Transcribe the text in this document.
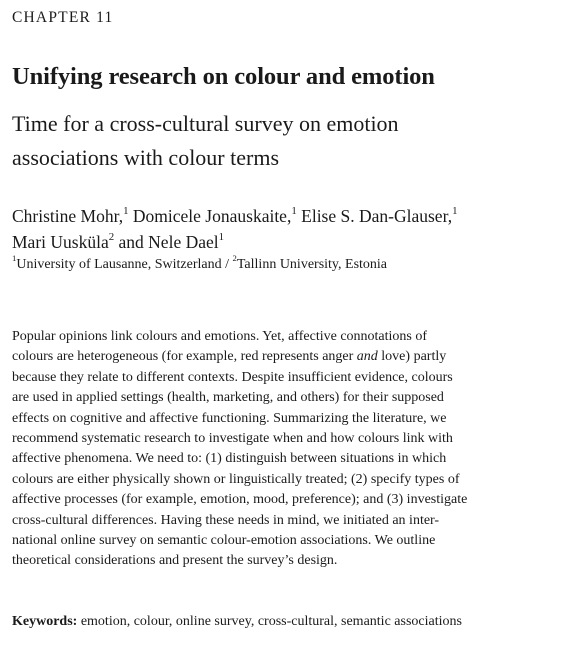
CHAPTER 11
Unifying research on colour and emotion
Time for a cross-cultural survey on emotion
associations with colour terms
Christine Mohr,$^1$ Domicele Jonauskaite,$^1$ Elise S. Dan-Glauser,$^1$
Mari Uusküla$^2$ and Nele Dael$^1$
$^1$University of Lausanne, Switzerland / $^2$Tallinn University, Estonia
Popular opinions link colours and emotions. Yet, affective connotations of
colours are heterogeneous (for example, red represents anger and love) partly
because they relate to different contexts. Despite insufficient evidence, colours
are used in applied settings (health, marketing, and others) for their supposed
effects on cognitive and affective functioning. Summarizing the literature, we
recommend systematic research to investigate when and how colours link with
affective phenomena. We need to: (1) distinguish between situations in which
colours are either physically shown or linguistically treated; (2) specify types of
affective processes (for example, emotion, mood, preference); and (3) investigate
cross-cultural differences. Having these needs in mind, we initiated an inter-
national online survey on semantic colour-emotion associations. We outline
theoretical considerations and present the survey’s design.
Keywords: emotion, colour, online survey, cross-cultural, semantic associations
